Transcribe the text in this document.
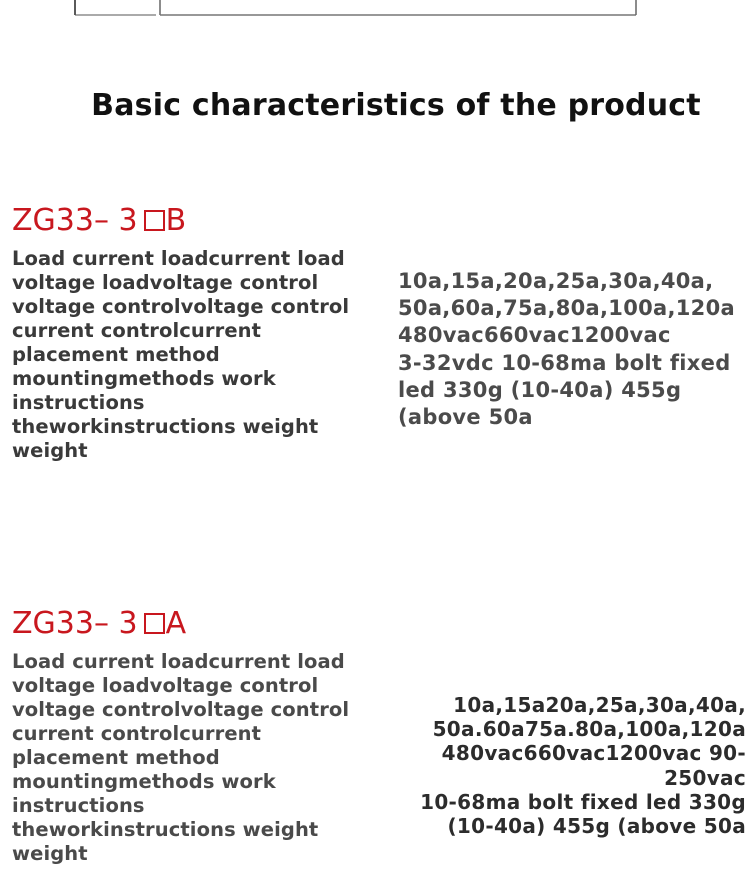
Basic characteristics of the product
ZG33– 3 B
Load current loadcurrent load
voltage loadvoltage control
voltage controlvoltage control
current controlcurrent
placement method
mountingmethods work
instructions
theworkinstructions weight
weight
10a,15a,20a,25a,30a,40a,
50a,60a,75a,80a,100a,120a
480vac660vac1200vac
3-32vdc 10-68ma bolt fixed
led 330g (10-40a) 455g
(above 50a
ZG33– 3 A
Load current loadcurrent load
voltage loadvoltage control
voltage controlvoltage control
current controlcurrent
placement method
mountingmethods work
instructions
theworkinstructions weight
weight
10a,15a20a,25a,30a,40a,
50a.60a75a.80a,100a,120a
480vac660vac1200vac 90-250vac
10-68ma bolt fixed led 330g
(10-40a) 455g (above 50a
